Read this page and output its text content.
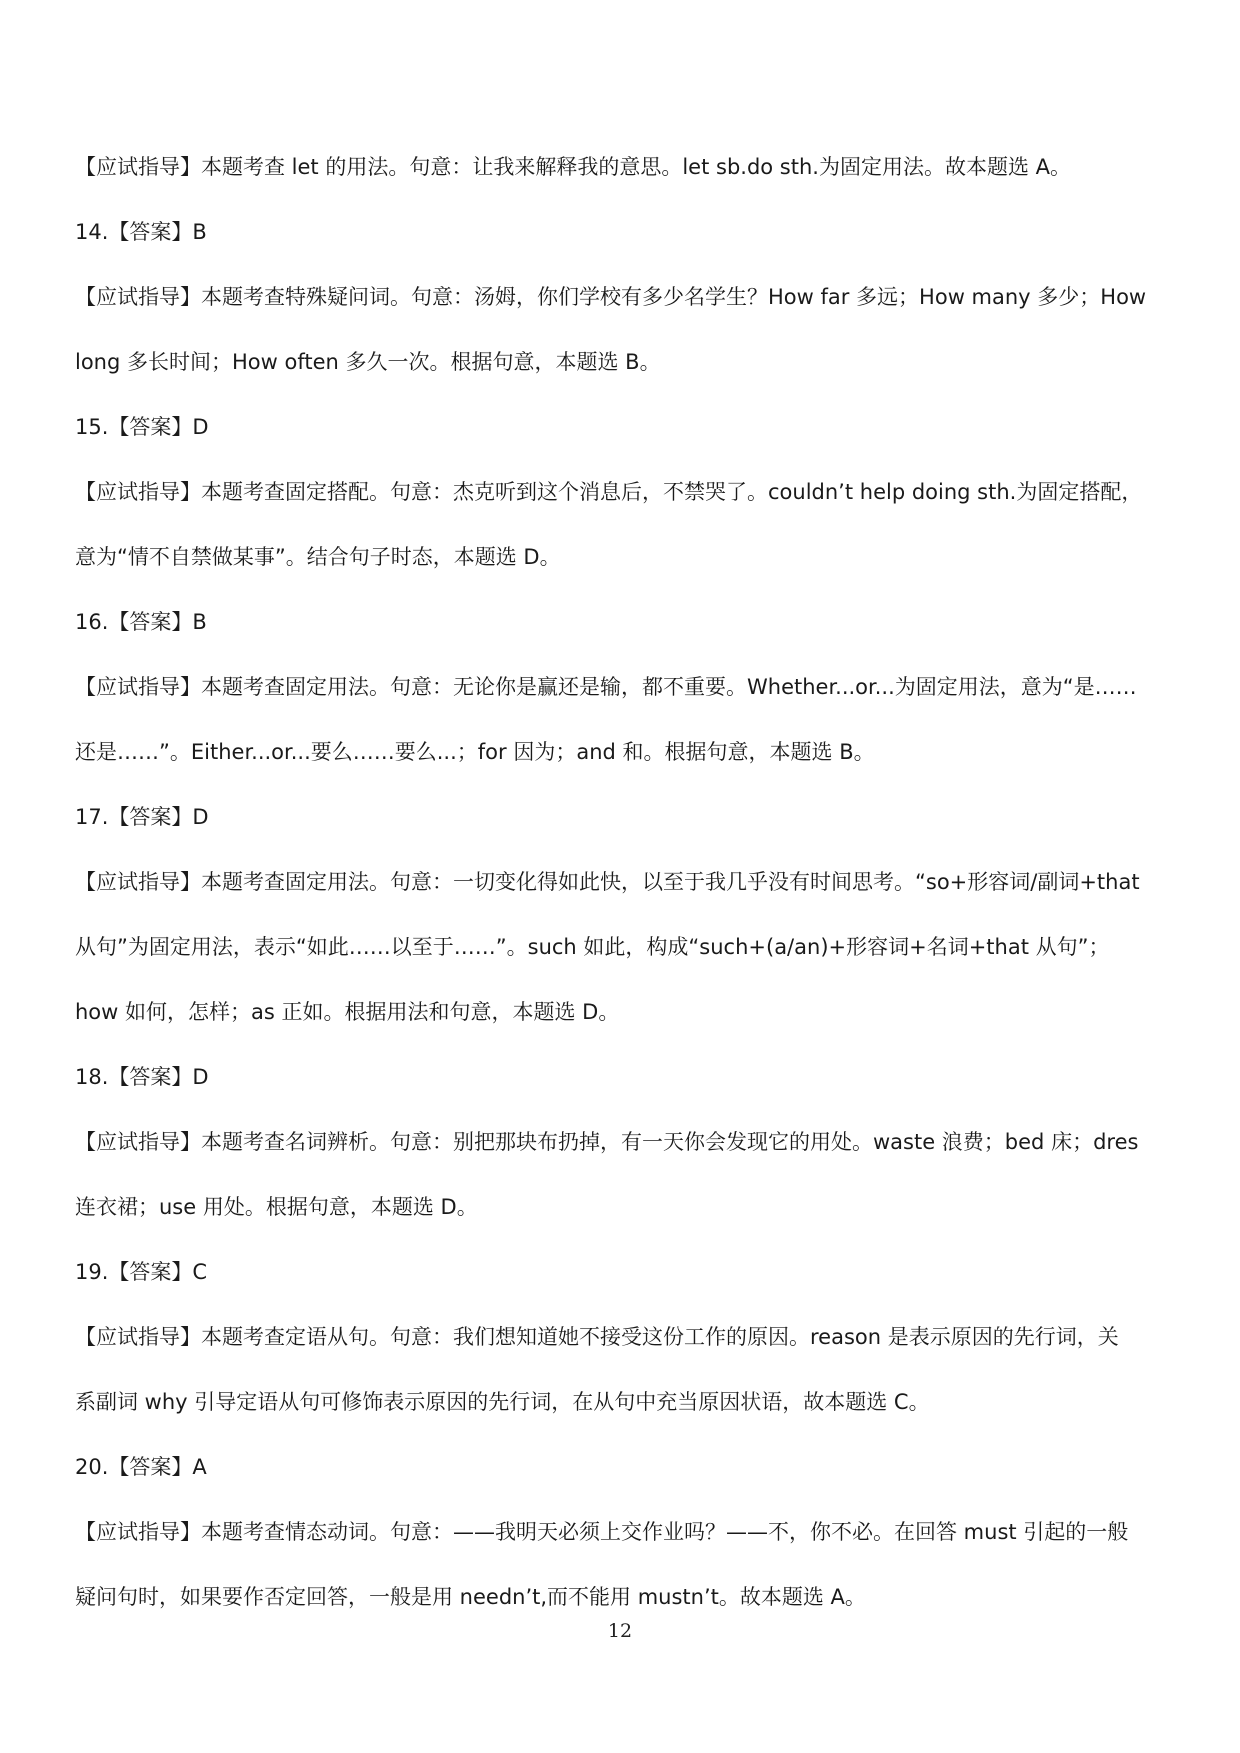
【应试指导】本题考查 let 的用法。句意：让我来解释我的意思。let sb.do sth.为固定用法。故本题选 A。
14.【答案】B
【应试指导】本题考查特殊疑问词。句意：汤姆，你们学校有多少名学生？How far 多远；How many 多少；How
long 多长时间；How often 多久一次。根据句意，本题选 B。
15.【答案】D
【应试指导】本题考查固定搭配。句意：杰克听到这个消息后，不禁哭了。couldn’t help doing sth.为固定搭配，
意为“情不自禁做某事”。结合句子时态，本题选 D。
16.【答案】B
【应试指导】本题考查固定用法。句意：无论你是赢还是输，都不重要。Whether...or...为固定用法，意为“是……
还是……”。Either...or...要么……要么...；for 因为；and 和。根据句意，本题选 B。
17.【答案】D
【应试指导】本题考查固定用法。句意：一切变化得如此快，以至于我几乎没有时间思考。“so+形容词/副词+that
从句”为固定用法，表示“如此……以至于……”。such 如此，构成“such+(a/an)+形容词+名词+that 从句”；
how 如何，怎样；as 正如。根据用法和句意，本题选 D。
18.【答案】D
【应试指导】本题考查名词辨析。句意：别把那块布扔掉，有一天你会发现它的用处。waste 浪费；bed 床；dres
连衣裙；use 用处。根据句意，本题选 D。
19.【答案】C
【应试指导】本题考查定语从句。句意：我们想知道她不接受这份工作的原因。reason 是表示原因的先行词，关
系副词 why 引导定语从句可修饰表示原因的先行词，在从句中充当原因状语，故本题选 C。
20.【答案】A
【应试指导】本题考查情态动词。句意：——我明天必须上交作业吗？——不，你不必。在回答 must 引起的一般
疑问句时，如果要作否定回答，一般是用 needn’t,而不能用 mustn’t。故本题选 A。
12
